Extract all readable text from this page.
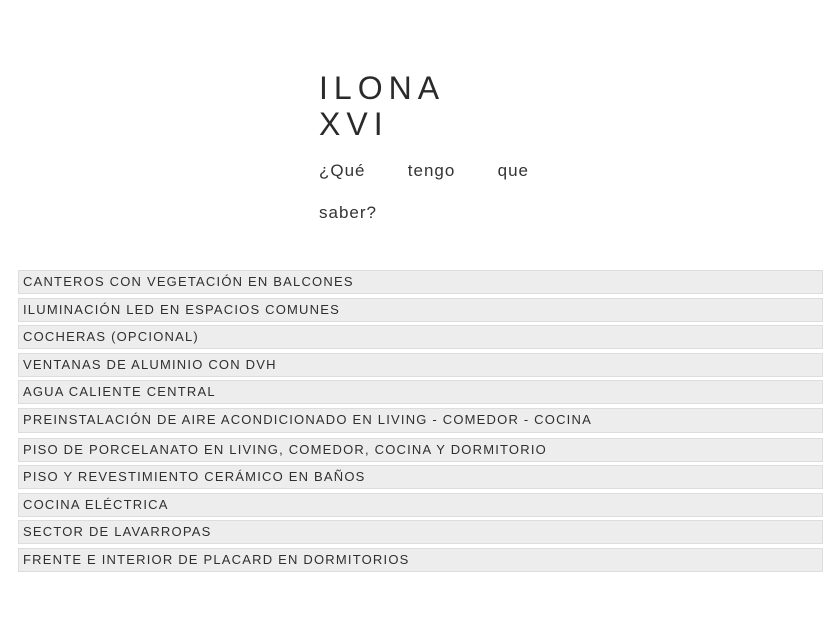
ILONA
XVI
¿Qué tengo que
saber?
CANTEROS CON VEGETACIÓN EN BALCONES
ILUMINACIÓN LED EN ESPACIOS COMUNES
COCHERAS (OPCIONAL)
VENTANAS DE ALUMINIO CON DVH
AGUA CALIENTE CENTRAL
PREINSTALACIÓN DE AIRE ACONDICIONADO EN LIVING - COMEDOR - COCINA
PISO DE PORCELANATO EN LIVING, COMEDOR, COCINA Y DORMITORIO
PISO Y REVESTIMIENTO CERÁMICO EN BAÑOS
COCINA ELÉCTRICA
SECTOR DE LAVARROPAS
FRENTE E INTERIOR DE PLACARD EN DORMITORIOS
